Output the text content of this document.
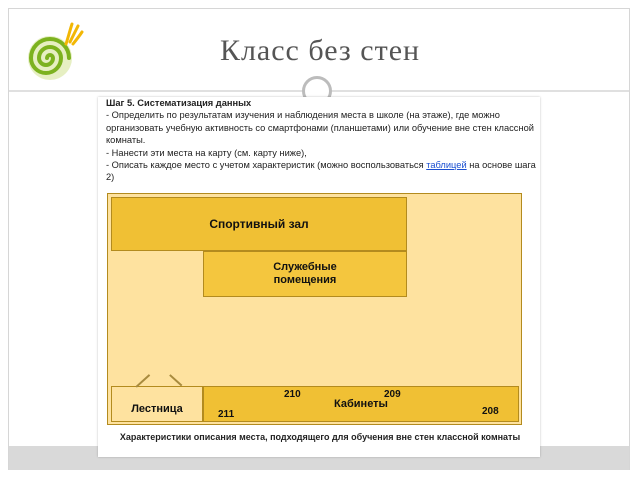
Класс без стен
Шаг 5. Систематизация данных
- Определить по результатам изучения и наблюдения места в школе (на этаже), где можно организовать учебную активность со смартфонами (планшетами) или обучение вне стен классной комнаты.
- Нанести эти места на карту (см. карту ниже),
- Описать каждое место с учетом характеристик (можно воспользоваться таблицей на основе шага 2)
Спортивный зал
Служебные
помещения
Лестница	Кабинеты
210	209
211	208
Характеристики описания места, подходящего для обучения вне стен классной комнаты
